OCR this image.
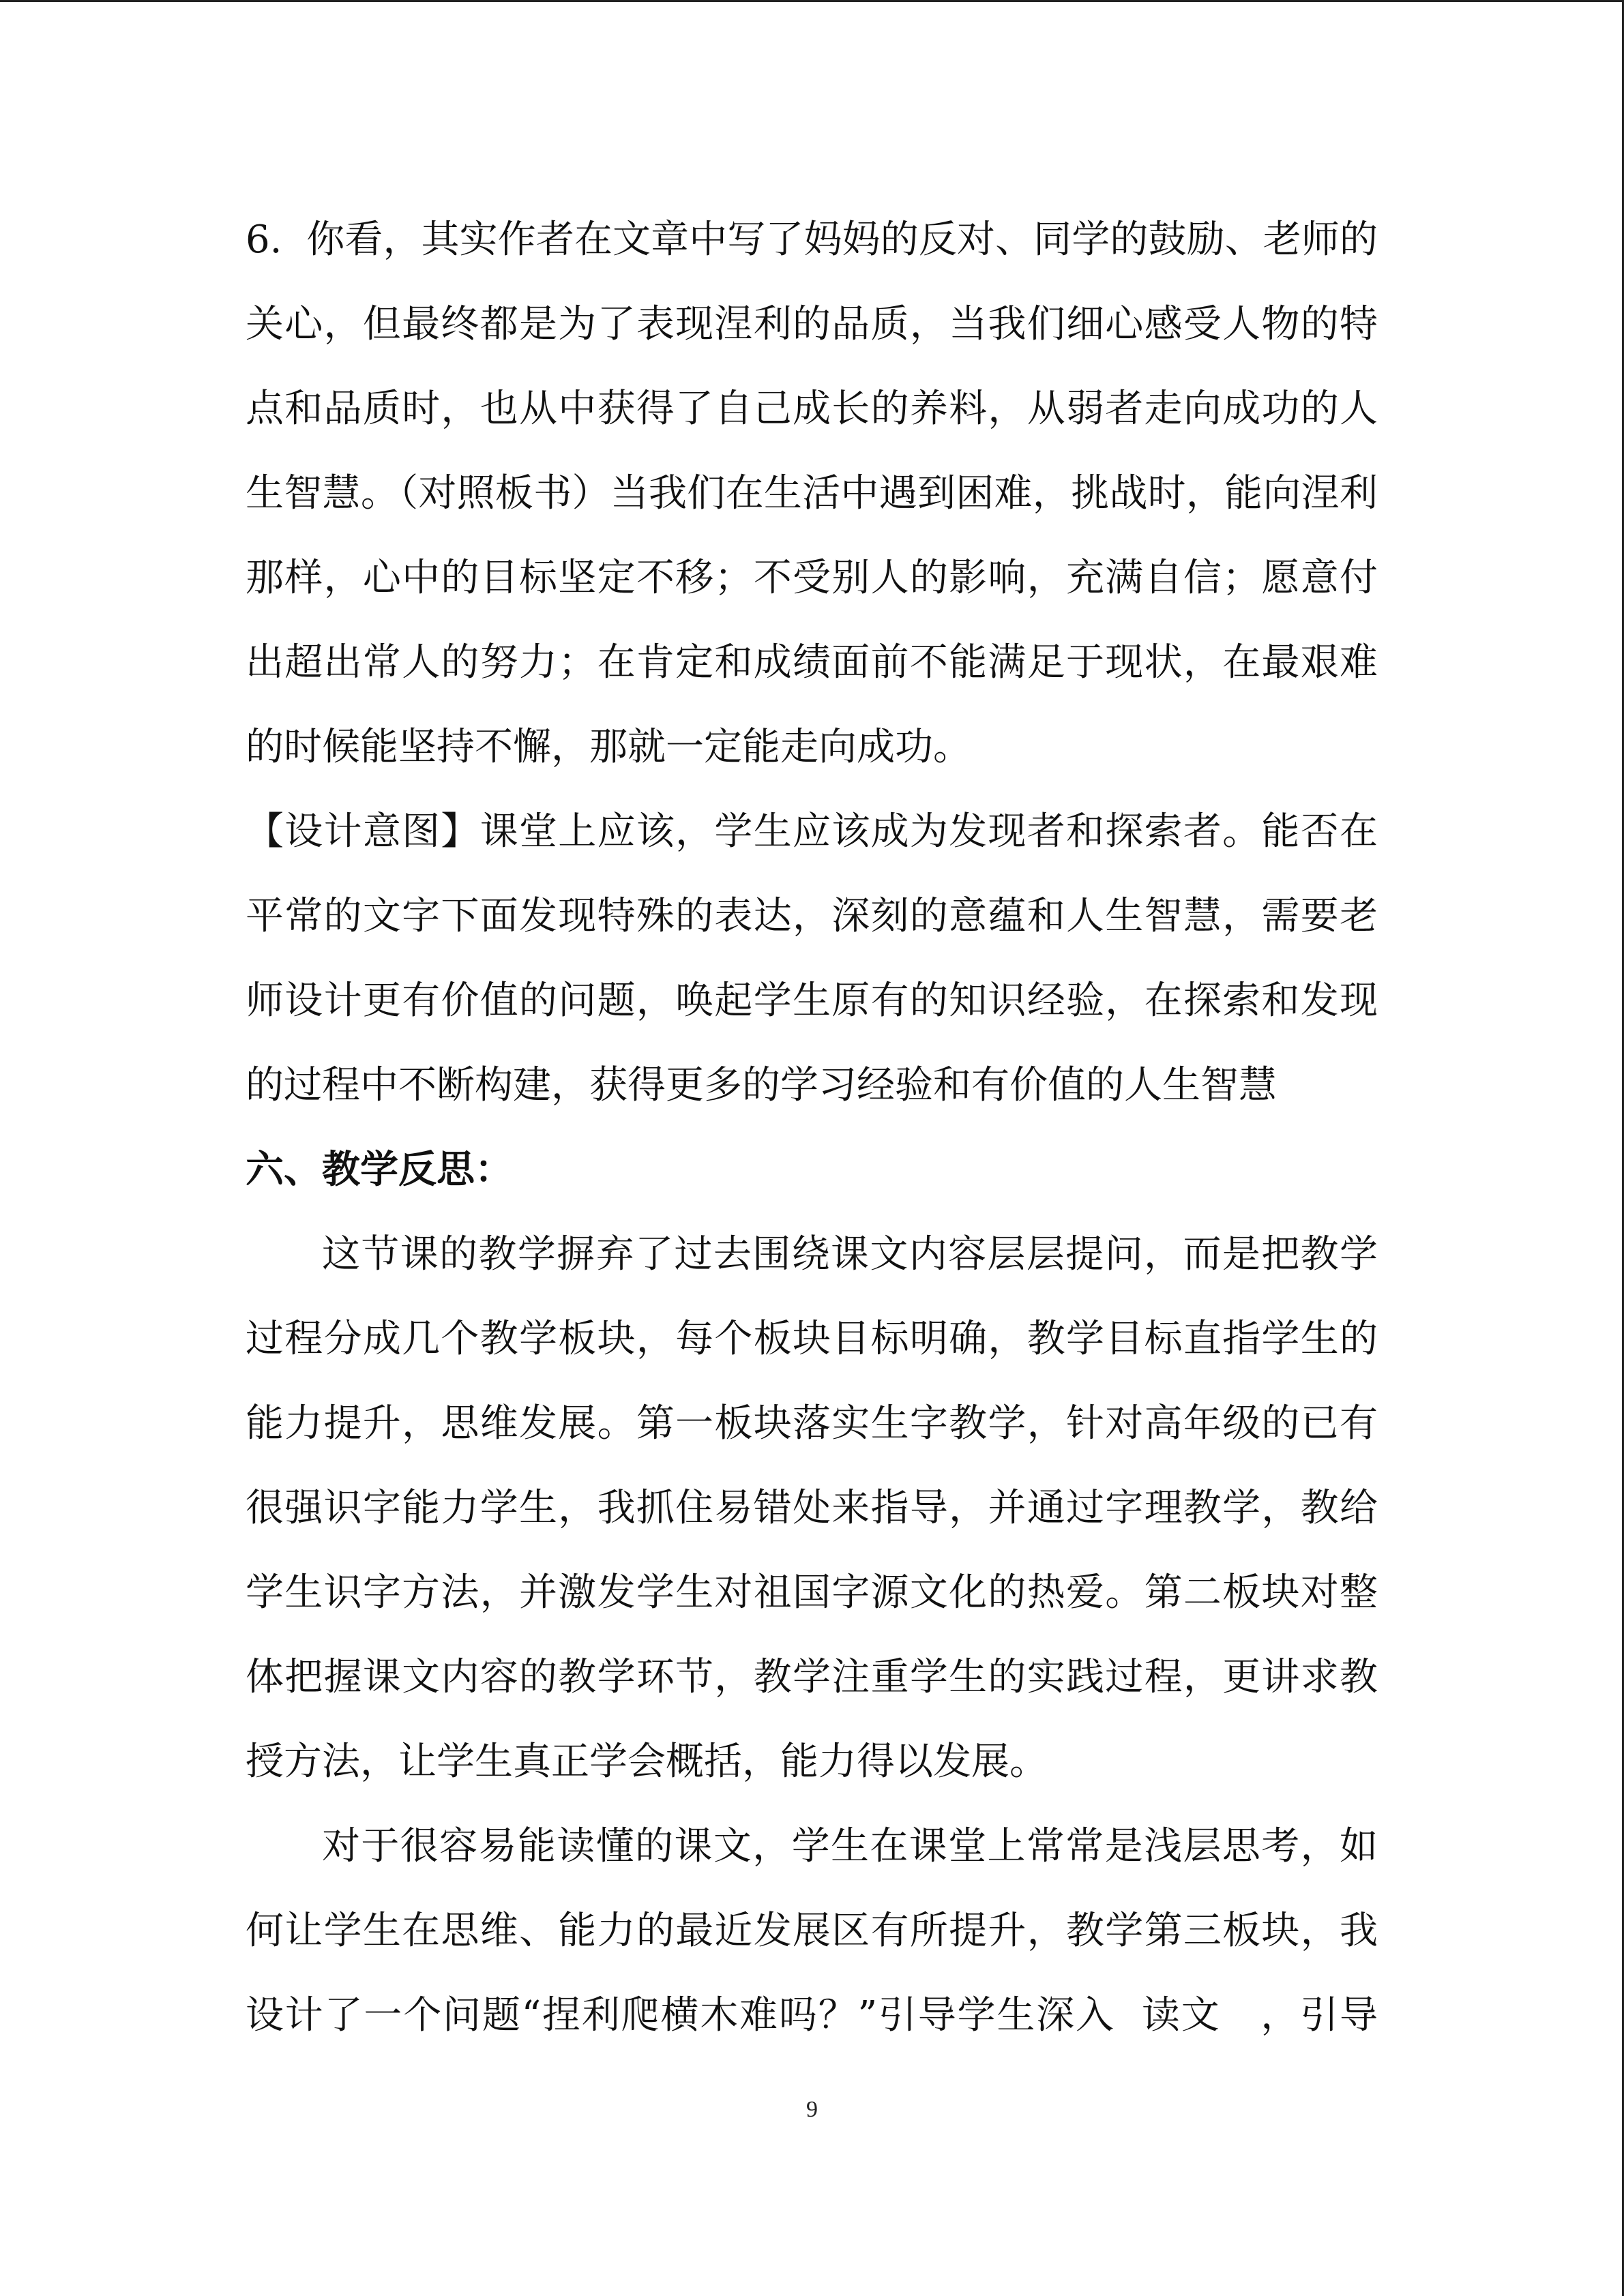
6.  你看，其实作者在文章中写了妈妈的反对、同学的鼓励、老师的
关心，但最终都是为了表现涅利的品质，当我们细心感受人物的特
点和品质时，也从中获得了自己成长的养料，从弱者走向成功的人
生智慧。（对照板书）当我们在生活中遇到困难，挑战时，能向涅利
那样，心中的目标坚定不移；不受别人的影响，充满自信；愿意付
出超出常人的努力；在肯定和成绩面前不能满足于现状，在最艰难
的时候能坚持不懈，那就一定能走向成功。
【设计意图】课堂上应该，学生应该成为发现者和探索者。能否在
平常的文字下面发现特殊的表达，深刻的意蕴和人生智慧，需要老
师设计更有价值的问题，唤起学生原有的知识经验，在探索和发现
的过程中不断构建，获得更多的学习经验和有价值的人生智慧
六、教学反思：
这节课的教学摒弃了过去围绕课文内容层层提问，而是把教学
过程分成几个教学板块，每个板块目标明确，教学目标直指学生的
能力提升，思维发展。第一板块落实生字教学，针对高年级的已有
很强识字能力学生，我抓住易错处来指导，并通过字理教学，教给
学生识字方法，并激发学生对祖国字源文化的热爱。第二板块对整
体把握课文内容的教学环节，教学注重学生的实践过程，更讲求教
授方法，让学生真正学会概括，能力得以发展。
对于很容易能读懂的课文，学生在课堂上常常是浅层思考，如
何让学生在思维、能力的最近发展区有所提升，教学第三板块，我
设计了一个问题“捏利爬横木难吗？”引导学生深入  读文   ，引导
9
